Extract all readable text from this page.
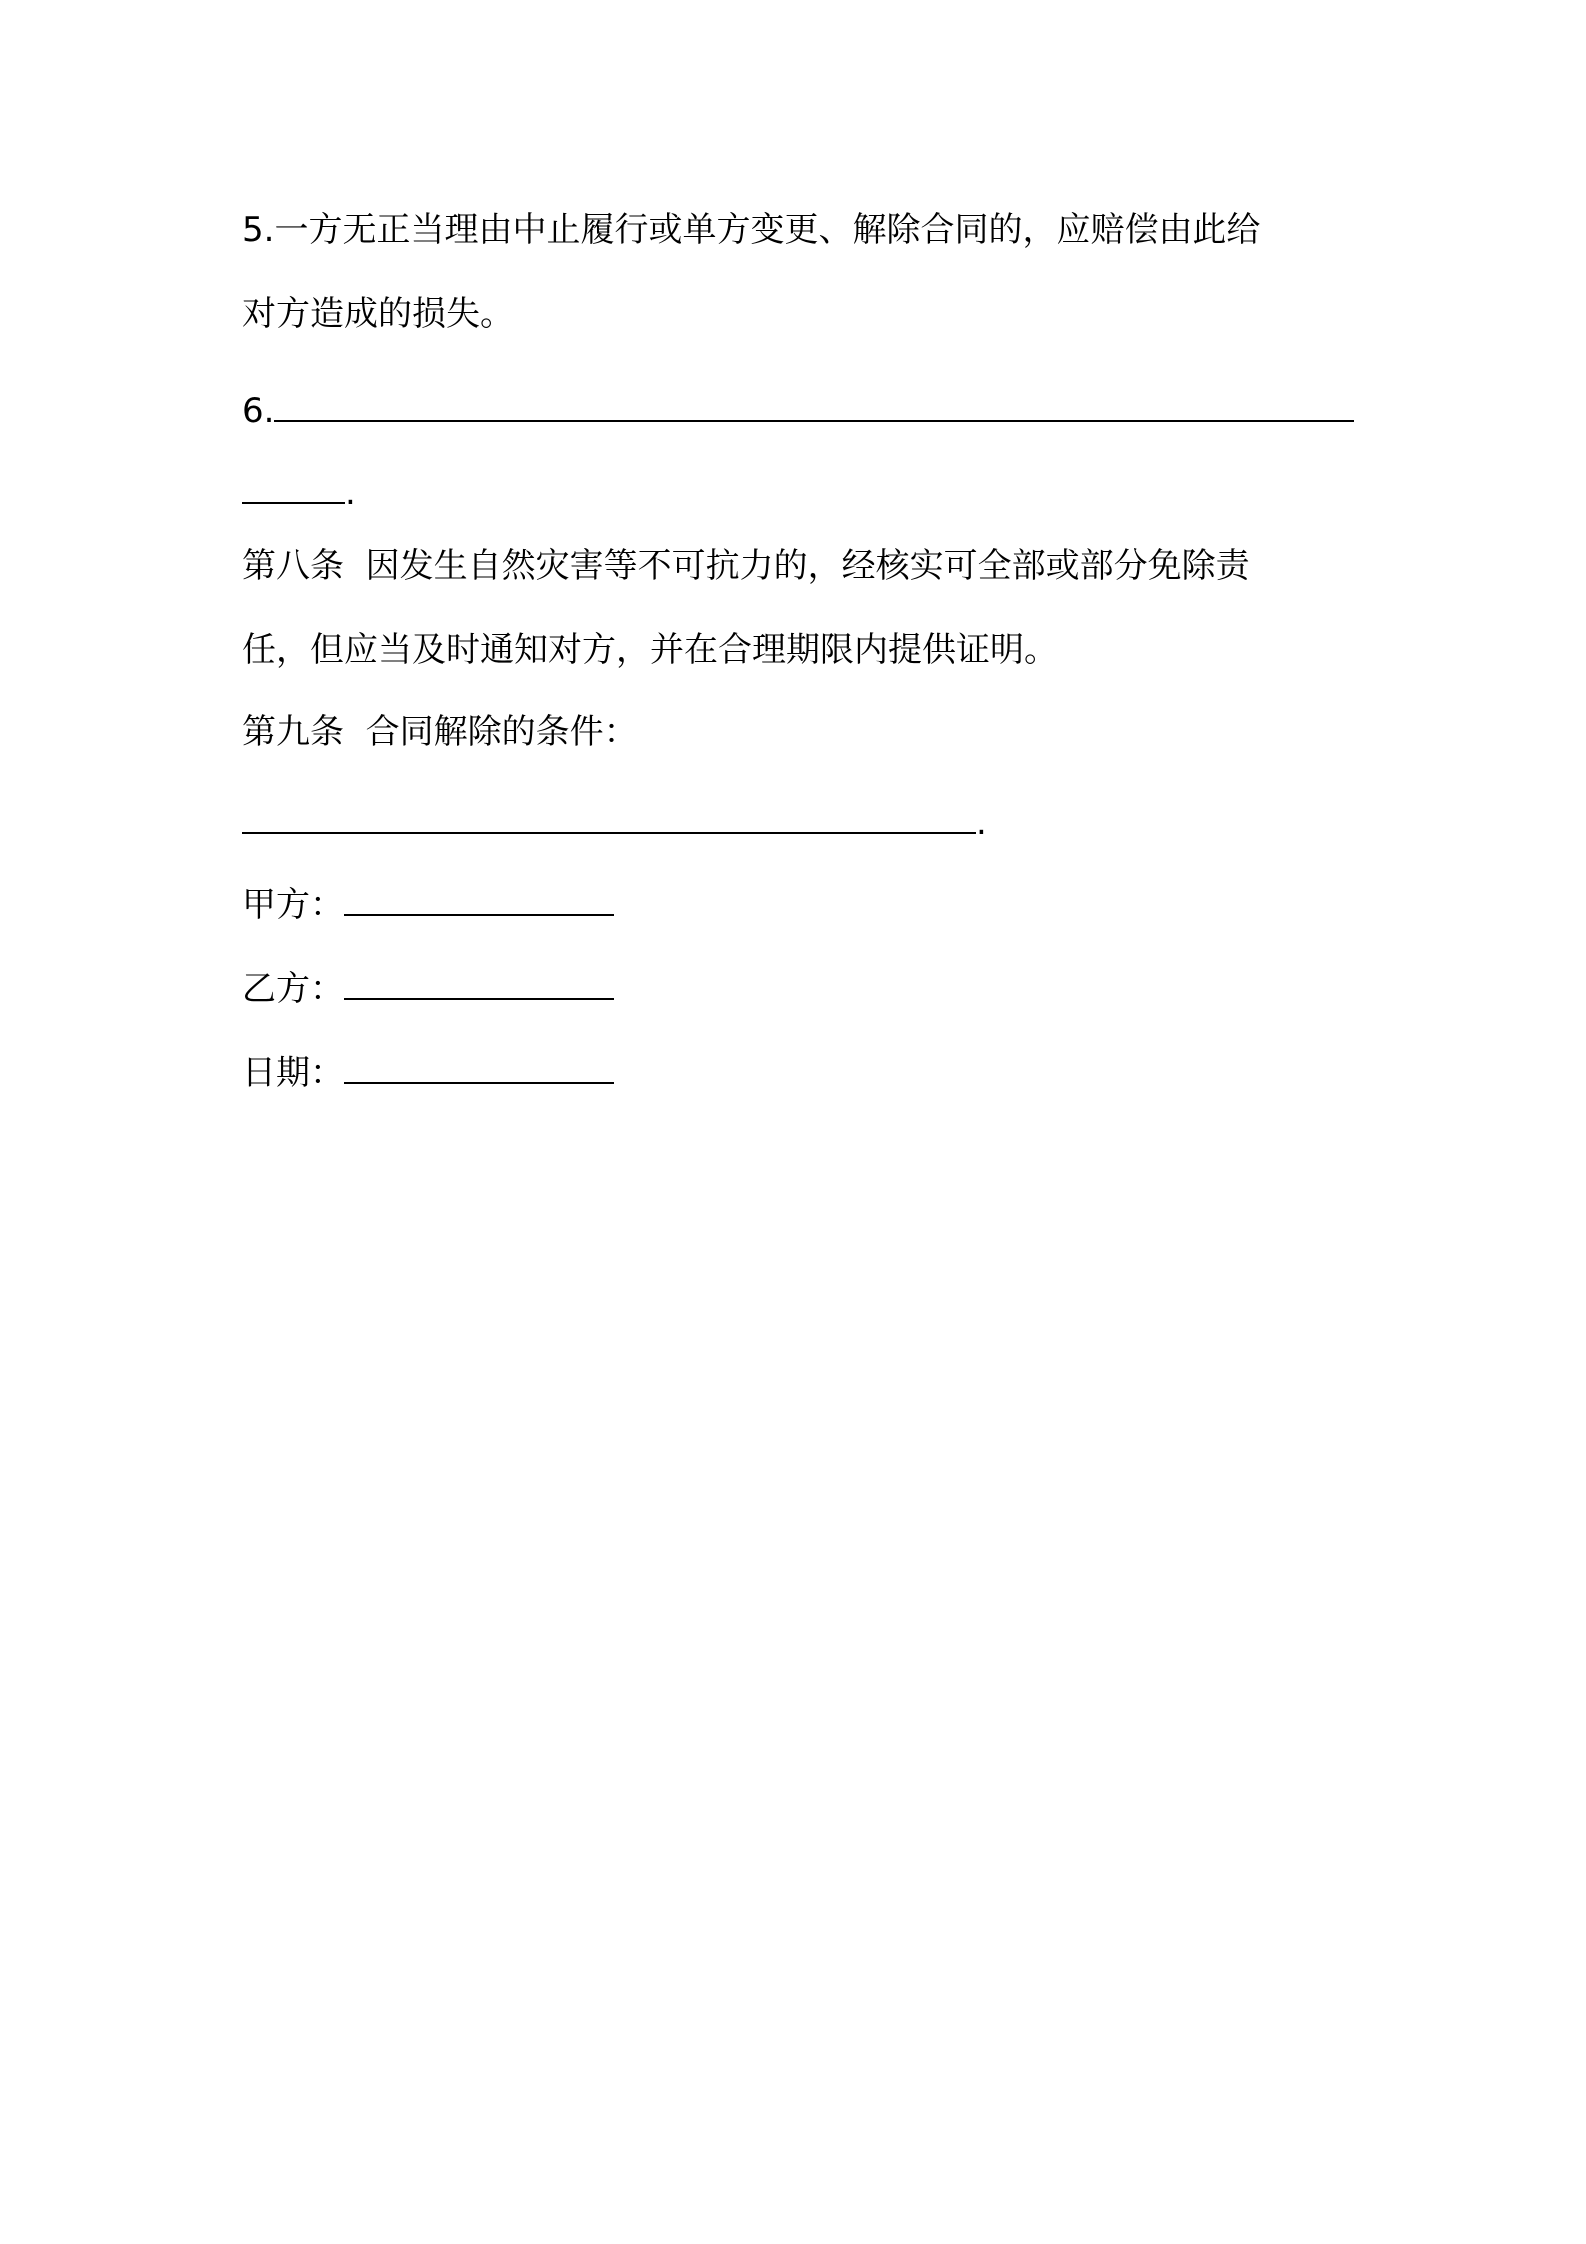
5.一方无正当理由中止履行或单方变更、解除合同的，应赔偿由此给

对方造成的损失。

6.
.

第八条  因发生自然灾害等不可抗力的，经核实可全部或部分免除责

任，但应当及时通知对方，并在合理期限内提供证明。

第九条  合同解除的条件：

.
甲方：
乙方：
日期：
